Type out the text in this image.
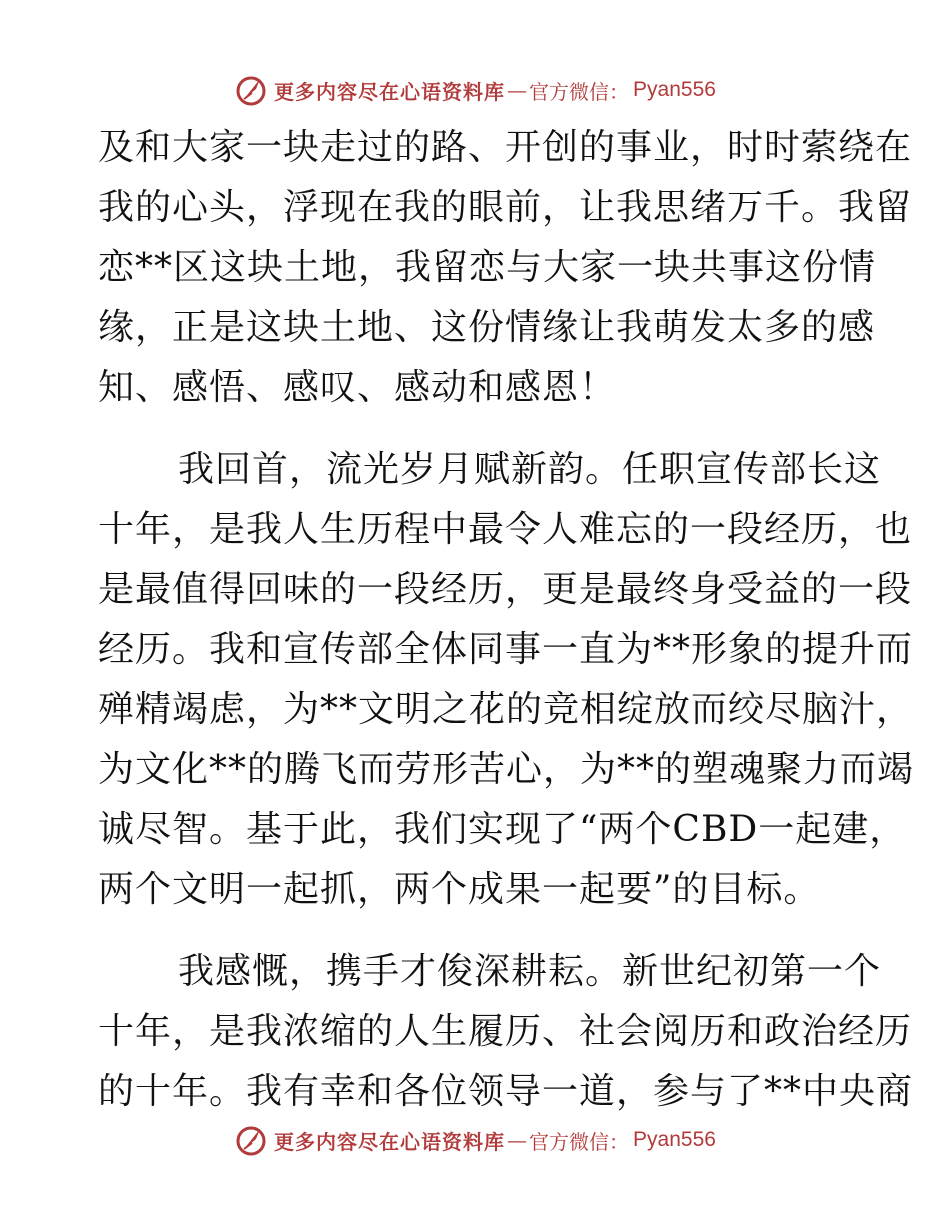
更多内容尽在心语资料库 — 官方微信： Pyan556
及和大家一块走过的路、开创的事业，时时萦绕在
我的心头，浮现在我的眼前，让我思绪万千。我留
恋**区这块土地，我留恋与大家一块共事这份情
缘，正是这块土地、这份情缘让我萌发太多的感
知、感悟、感叹、感动和感恩！
我回首，流光岁月赋新韵。任职宣传部长这
十年，是我人生历程中最令人难忘的一段经历，也
是最值得回味的一段经历，更是最终身受益的一段
经历。我和宣传部全体同事一直为**形象的提升而
殚精竭虑，为**文明之花的竞相绽放而绞尽脑汁，
为文化**的腾飞而劳形苦心，为**的塑魂聚力而竭
诚尽智。基于此，我们实现了“两个CBD一起建，
两个文明一起抓，两个成果一起要”的目标。
我感慨，携手才俊深耕耘。新世纪初第一个
十年，是我浓缩的人生履历、社会阅历和政治经历
的十年。我有幸和各位领导一道，参与了**中央商
更多内容尽在心语资料库 — 官方微信： Pyan556
